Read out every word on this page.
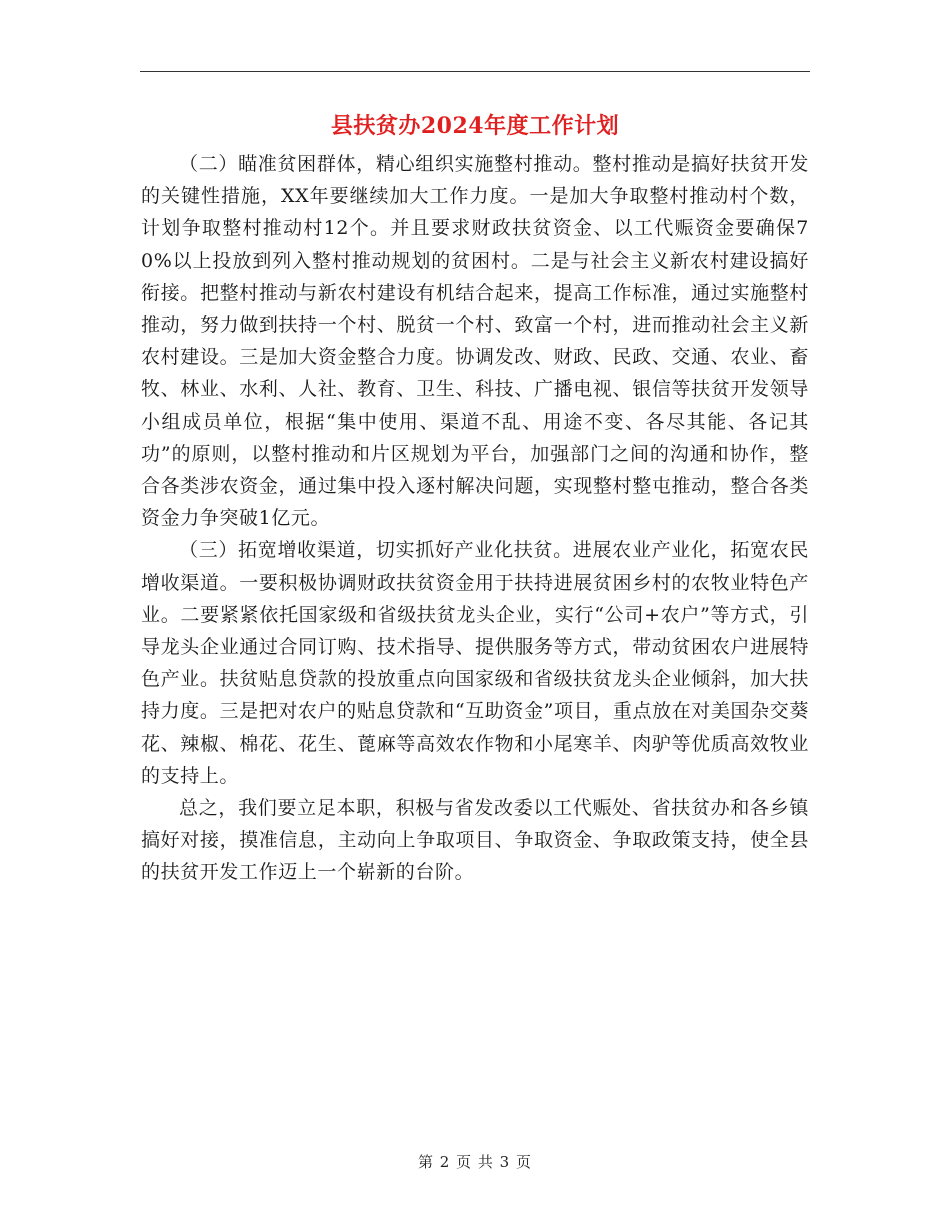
县扶贫办2024年度工作计划

（二）瞄准贫困群体，精心组织实施整村推动。整村推动是搞好扶贫开发的关键性措施，XX年要继续加大工作力度。一是加大争取整村推动村个数，计划争取整村推动村12个。并且要求财政扶贫资金、以工代赈资金要确保70%以上投放到列入整村推动规划的贫困村。二是与社会主义新农村建设搞好衔接。把整村推动与新农村建设有机结合起来，提高工作标准，通过实施整村推动，努力做到扶持一个村、脱贫一个村、致富一个村，进而推动社会主义新农村建设。三是加大资金整合力度。协调发改、财政、民政、交通、农业、畜牧、林业、水利、人社、教育、卫生、科技、广播电视、银信等扶贫开发领导小组成员单位，根据“集中使用、渠道不乱、用途不变、各尽其能、各记其功”的原则，以整村推动和片区规划为平台，加强部门之间的沟通和协作，整合各类涉农资金，通过集中投入逐村解决问题，实现整村整屯推动，整合各类资金力争突破1亿元。

（三）拓宽增收渠道，切实抓好产业化扶贫。进展农业产业化，拓宽农民增收渠道。一要积极协调财政扶贫资金用于扶持进展贫困乡村的农牧业特色产业。二要紧紧依托国家级和省级扶贫龙头企业，实行“公司+农户”等方式，引导龙头企业通过合同订购、技术指导、提供服务等方式，带动贫困农户进展特色产业。扶贫贴息贷款的投放重点向国家级和省级扶贫龙头企业倾斜，加大扶持力度。三是把对农户的贴息贷款和“互助资金”项目，重点放在对美国杂交葵花、辣椒、棉花、花生、蓖麻等高效农作物和小尾寒羊、肉驴等优质高效牧业的支持上。

总之，我们要立足本职，积极与省发改委以工代赈处、省扶贫办和各乡镇搞好对接，摸准信息，主动向上争取项目、争取资金、争取政策支持，使全县的扶贫开发工作迈上一个崭新的台阶。

第 2 页 共 3 页
